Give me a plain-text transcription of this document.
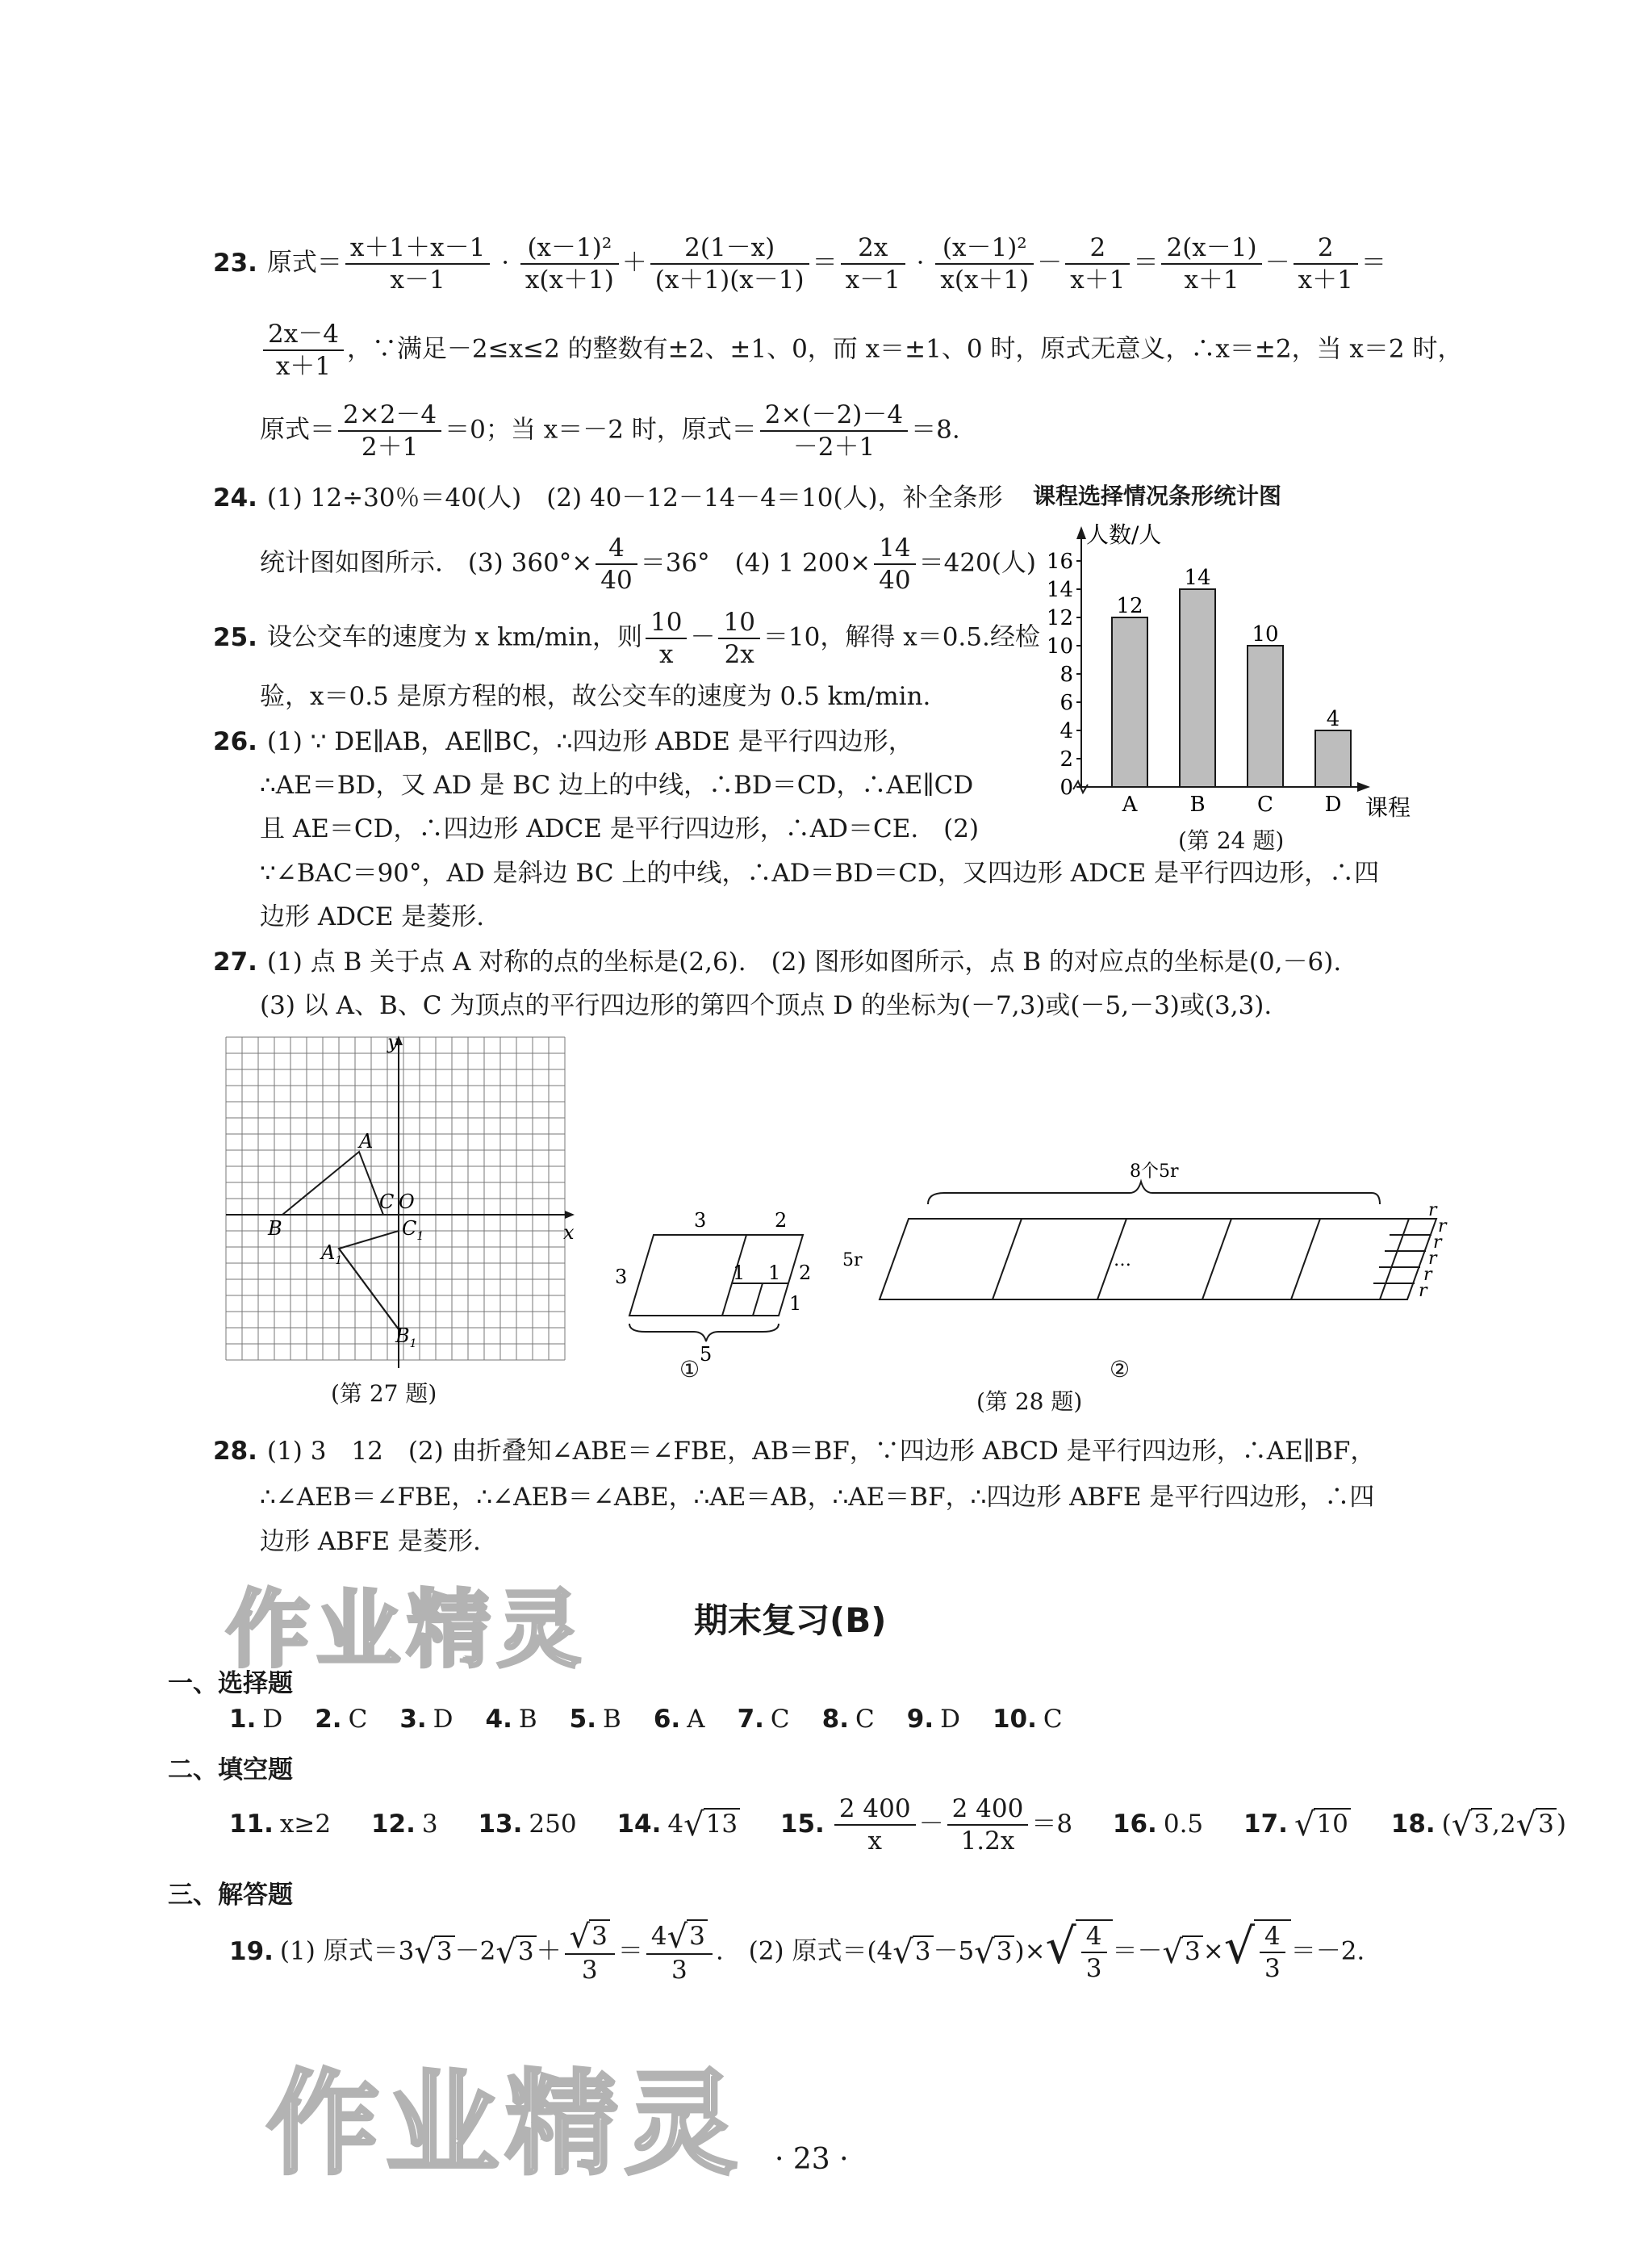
23. 原式＝ $\frac{x+1+x-1}{x-1} \cdot \frac{\text{(x－1)²}}{x(x+1)} + \frac{2(1-x)}{(x+1)(x-1)} = \frac{2x}{x-1} \cdot \frac{\text{(x－1)²}}{x(x+1)} - \frac{2}{x+1} = \frac{2(x-1)}{x+1} - \frac{2}{x+1}$ ＝
$\frac{2x-4}{x+1}$ ，∵满足－2≤x≤2 的整数有±2、±1、0，而 x＝±1、0 时，原式无意义，∴x＝±2，当 x＝2 时，
原式＝ $\frac{2\times 2-4}{2+1} =0$；当 x＝－2 时，原式＝ $\frac{2\times(-2)-4}{-2+1} =8$.
24. (1) 12÷30％＝40(人)　(2) 40－12－14－4＝10(人)，补全条形
统计图如图所示.　(3) $360^\circ\times \frac{4}{40} =36^\circ$　(4) 1 $200\times \frac{14}{40} =420$(人)
25. 设公交车的速度为 x km/min，则 $\frac{10}{x} - \frac{10}{2x} =10$，解得 x＝0.5.经检
验，x＝0.5 是原方程的根，故公交车的速度为 0.5 km/min.
26. (1) ∵ DE∥AB，AE∥BC，∴四边形 ABDE 是平行四边形，
∴AE＝BD，又 AD 是 BC 边上的中线，∴BD＝CD，∴AE∥CD
且 AE＝CD，∴四边形 ADCE 是平行四边形，∴AD＝CE.　(2)
∵∠BAC＝90°，AD 是斜边 BC 上的中线，∴AD＝BD＝CD，又四边形 ADCE 是平行四边形，∴四
边形 ADCE 是菱形.
27. (1) 点 B 关于点 A 对称的点的坐标是(2,6).　(2) 图形如图所示，点 B 的对应点的坐标是(0,－6).
(3) 以 A、B、C 为顶点的平行四边形的第四个顶点 D 的坐标为(－7,3)或(－5,－3)或(3,3).
课程选择情况条形统计图
人数/人
课程
0
2
4
6
8
10
12
14
16
12
A
14
B
10
C
4
D
(第 24 题)
y
x
A
B
C O
$C_1$
$A_1$
$B_1$
(第 27 题)
3	2
3	2
1 1
1
5
①
8个5r
5r	…
r
r
r
r
r
r
②
(第 28 题)
28. (1) 3　12　(2) 由折叠知∠ABE＝∠FBE，AB＝BF，∵四边形 ABCD 是平行四边形，∴AE∥BF，
∴∠AEB＝∠FBE，∴∠AEB＝∠ABE，∴AE＝AB，∴AE＝BF，∴四边形 ABFE 是平行四边形，∴四
边形 ABFE 是菱形.
作业精灵	期末复习(B)
一、选择题
1. D 2. C 3. D 4. B 5. B 6. A 7. C 8. C 9. D 10. C
二、填空题
11. x≥2 12. 3 13. 250 14. 4√13 15. $\frac{2 400}{x} - \frac{2 400}{1.2x} =8$ 16. 0.5 17. √10 18. (√3,2√3)
三、解答题
19. (1) 原式$=3√3-2√3+ \frac{√3}{3} = \frac{4√3}{3}$ .　(2) 原式$=(4√3-5√3)\times√ \frac{4}{3} =-√3\times√ \frac{4}{3} =-2$.
作业精灵 · 23 ·
